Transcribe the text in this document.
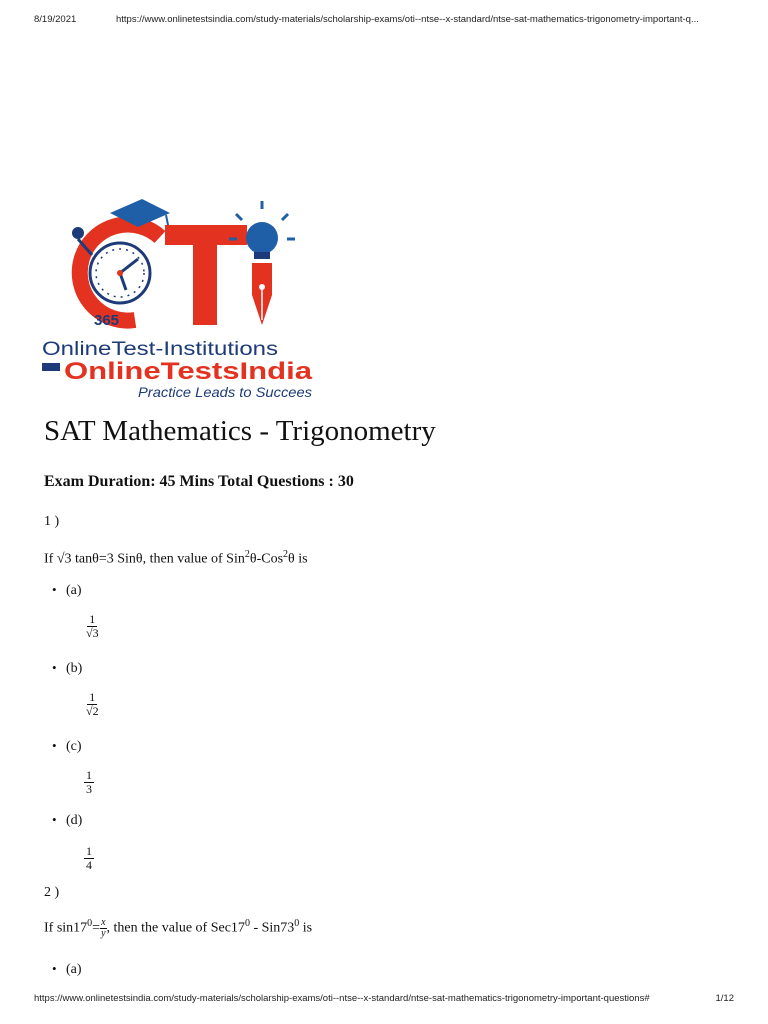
8/19/2021	https://www.onlinetestsindia.com/study-materials/scholarship-exams/oti--ntse--x-standard/ntse-sat-mathematics-trigonometry-important-q...
365
OnlineTest-Institutions
OnlineTestsIndia
Practice Leads to Succees
SAT Mathematics - Trigonometry

Exam Duration: 45 Mins Total Questions : 30

1 )
If √3 tanθ=3 Sinθ, then value of Sin$^2$θ-Cos$^2$θ is
• (a)
$\frac{1}{√3}$
• (b)
$\frac{1}{√2}$
• (c)
$\frac{1}{3}$
• (d)
$\frac{1}{4}$
2 )
If $\sin 17^0= \frac{x}{y}$ , then the value of $Sec17^0 - Sin73^0$ is
• (a)
https://www.onlinetestsindia.com/study-materials/scholarship-exams/oti--ntse--x-standard/ntse-sat-mathematics-trigonometry-important-questions#	1/12
